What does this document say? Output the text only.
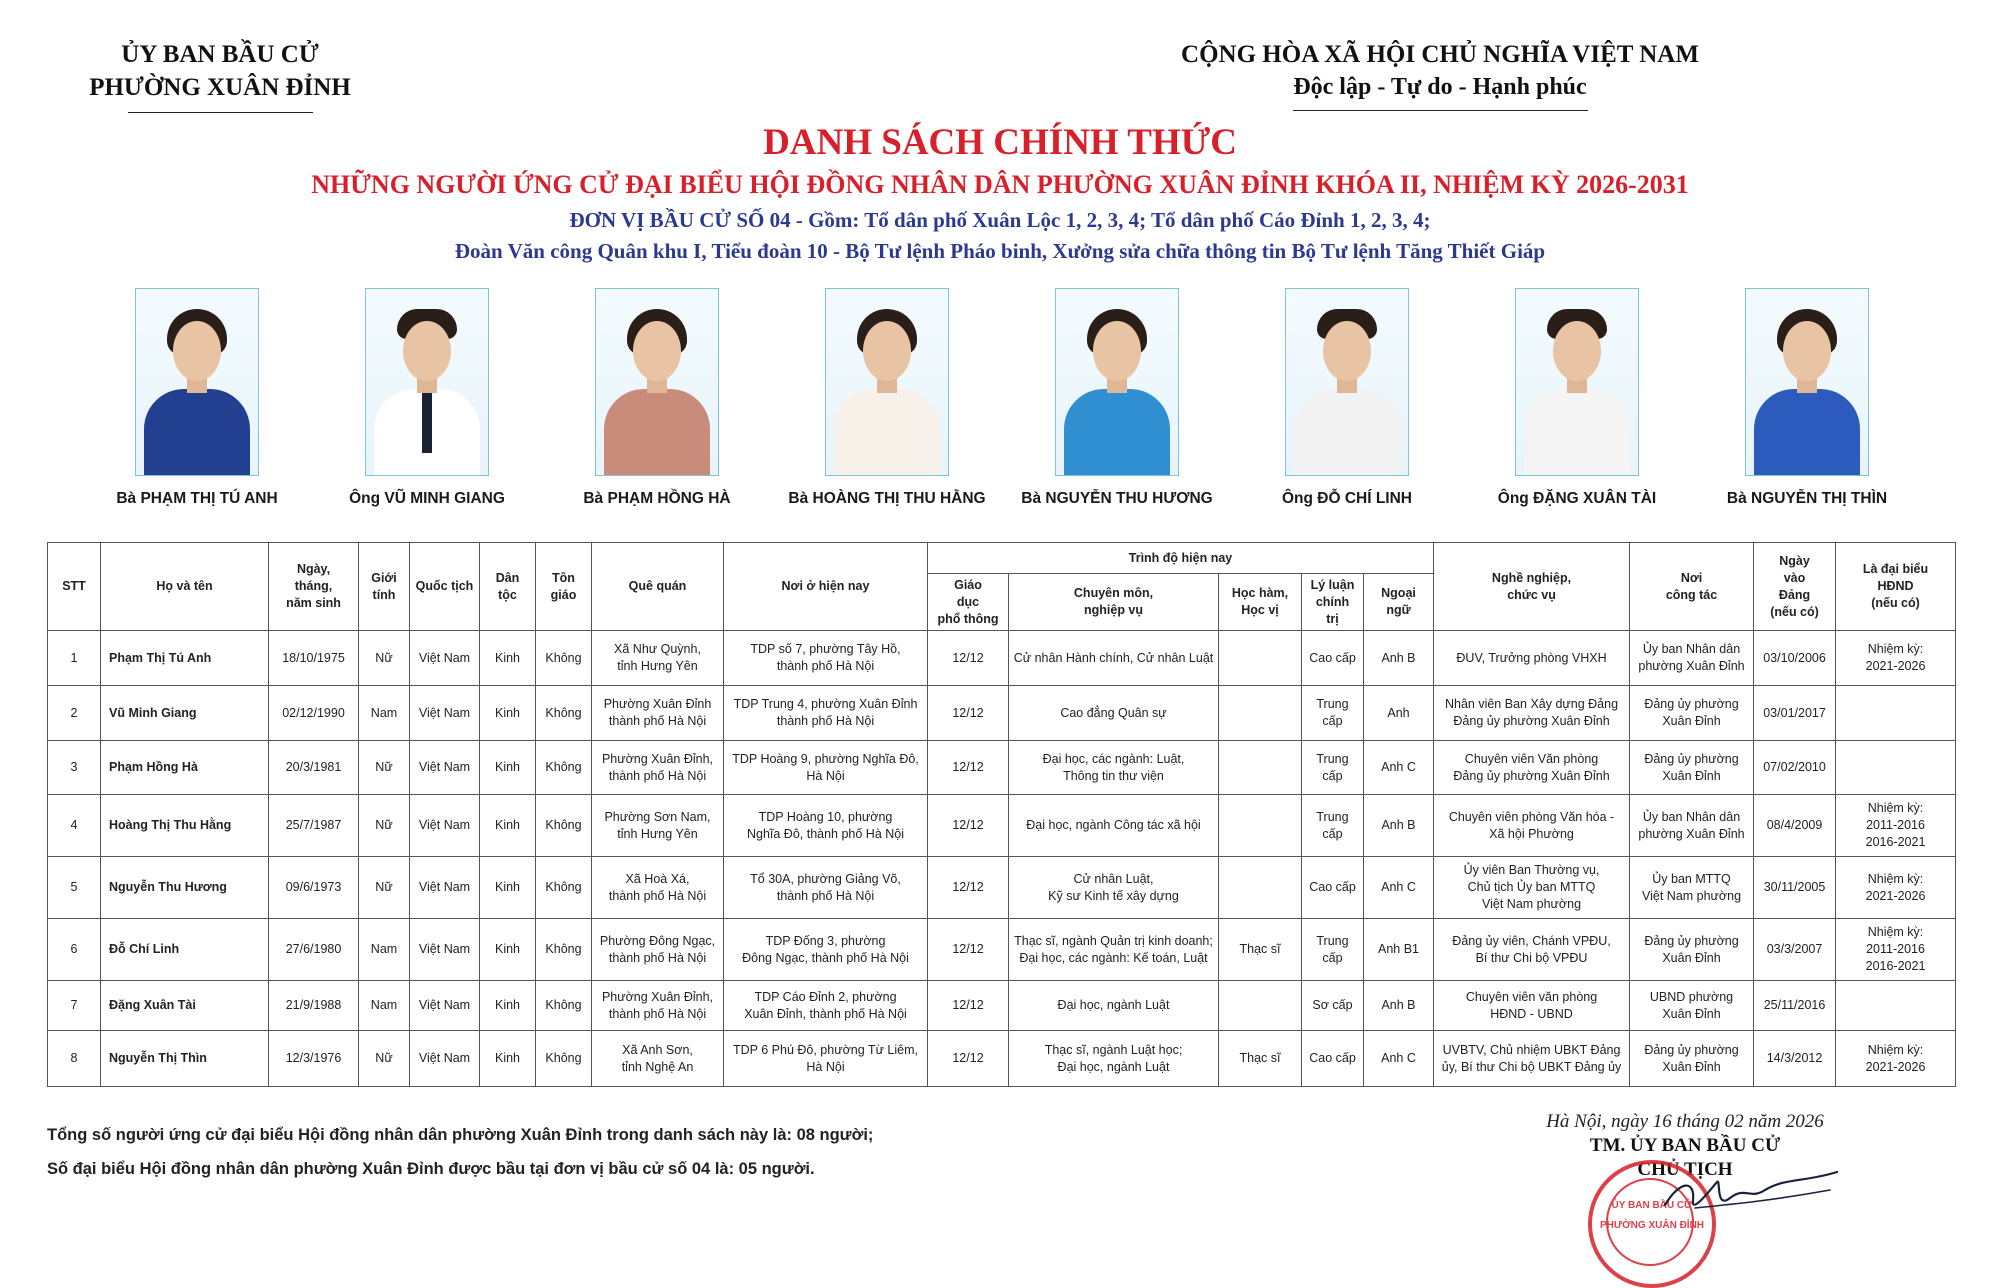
ỦY BAN BẦU CỬ
PHƯỜNG XUÂN ĐỈNH
CỘNG HÒA XÃ HỘI CHỦ NGHĨA VIỆT NAM
Độc lập - Tự do - Hạnh phúc
DANH SÁCH CHÍNH THỨC
NHỮNG NGƯỜI ỨNG CỬ ĐẠI BIỂU HỘI ĐỒNG NHÂN DÂN PHƯỜNG XUÂN ĐỈNH KHÓA II, NHIỆM KỲ 2026-2031
ĐƠN VỊ BẦU CỬ SỐ 04 - Gồm: Tổ dân phố Xuân Lộc 1, 2, 3, 4; Tổ dân phố Cáo Đỉnh 1, 2, 3, 4;
Đoàn Văn công Quân khu I, Tiểu đoàn 10 - Bộ Tư lệnh Pháo binh, Xưởng sửa chữa thông tin Bộ Tư lệnh Tăng Thiết Giáp
Bà PHẠM THỊ TÚ ANH	Ông VŨ MINH GIANG	Bà PHẠM HỒNG HÀ	Bà HOÀNG THỊ THU HẰNG	Bà NGUYỄN THU HƯƠNG	Ông ĐỖ CHÍ LINH	Ông ĐẶNG XUÂN TÀI	Bà NGUYỄN THỊ THÌN
STT	Họ và tên	Ngày,
tháng,
năm sinh	Giới
tính	Quốc tịch	Dân
tộc	Tôn
giáo	Quê quán	Nơi ở hiện nay	Trình độ hiện nay					Nghề nghiệp,
chức vụ	Nơi
công tác	Ngày
vào
Đảng
(nếu có)	Là đại biểu
HĐND
(nếu có)
									Giáo
dục
phổ thông	Chuyên môn,
nghiệp vụ	Học hàm,
Học vị	Lý luận
chính
trị	Ngoại
ngữ				
1	Phạm Thị Tú Anh	18/10/1975	Nữ	Việt Nam	Kinh	Không	Xã Như Quỳnh,
tỉnh Hưng Yên	TDP số 7, phường Tây Hồ,
thành phố Hà Nội	12/12	Cử nhân Hành chính, Cử nhân Luật		Cao cấp	Anh B	ĐUV, Trưởng phòng VHXH	Ủy ban Nhân dân
phường Xuân Đỉnh	03/10/2006	Nhiệm kỳ:
2021-2026
2	Vũ Minh Giang	02/12/1990	Nam	Việt Nam	Kinh	Không	Phường Xuân Đỉnh
thành phố Hà Nội	TDP Trung 4, phường Xuân Đỉnh
thành phố Hà Nội	12/12	Cao đẳng Quân sự		Trung
cấp	Anh	Nhân viên Ban Xây dựng Đảng
Đảng ủy phường Xuân Đỉnh	Đảng ủy phường
Xuân Đỉnh	03/01/2017	
3	Phạm Hồng Hà	20/3/1981	Nữ	Việt Nam	Kinh	Không	Phường Xuân Đỉnh,
thành phố Hà Nội	TDP Hoàng 9, phường Nghĩa Đô,
Hà Nội	12/12	Đại học, các ngành: Luật,
Thông tin thư viện		Trung
cấp	Anh C	Chuyên viên Văn phòng
Đảng ủy phường Xuân Đỉnh	Đảng ủy phường
Xuân Đỉnh	07/02/2010	
4	Hoàng Thị Thu Hằng	25/7/1987	Nữ	Việt Nam	Kinh	Không	Phường Sơn Nam,
tỉnh Hưng Yên	TDP Hoàng 10, phường
Nghĩa Đô, thành phố Hà Nội	12/12	Đại học, ngành Công tác xã hội		Trung
cấp	Anh B	Chuyên viên phòng Văn hóa -
Xã hội Phường	Ủy ban Nhân dân
phường Xuân Đỉnh	08/4/2009	Nhiệm kỳ:
2011-2016
2016-2021
5	Nguyễn Thu Hương	09/6/1973	Nữ	Việt Nam	Kinh	Không	Xã Hoà Xá,
thành phố Hà Nội	Tổ 30A, phường Giảng Võ,
thành phố Hà Nội	12/12	Cử nhân Luật,
Kỹ sư Kinh tế xây dựng		Cao cấp	Anh C	Ủy viên Ban Thường vụ,
Chủ tịch Ủy ban MTTQ
Việt Nam phường	Ủy ban MTTQ
Việt Nam phường	30/11/2005	Nhiệm kỳ:
2021-2026
6	Đỗ Chí Linh	27/6/1980	Nam	Việt Nam	Kinh	Không	Phường Đông Ngạc,
thành phố Hà Nội	TDP Đống 3, phường
Đông Ngạc, thành phố Hà Nội	12/12	Thạc sĩ, ngành Quản trị kinh doanh;
Đại học, các ngành: Kế toán, Luật	Thạc sĩ	Trung
cấp	Anh B1	Đảng ủy viên, Chánh VPĐU,
Bí thư Chi bộ VPĐU	Đảng ủy phường
Xuân Đỉnh	03/3/2007	Nhiệm kỳ:
2011-2016
2016-2021
7	Đặng Xuân Tài	21/9/1988	Nam	Việt Nam	Kinh	Không	Phường Xuân Đỉnh,
thành phố Hà Nội	TDP Cáo Đỉnh 2, phường
Xuân Đỉnh, thành phố Hà Nội	12/12	Đại học, ngành Luật		Sơ cấp	Anh B	Chuyên viên văn phòng
HĐND - UBND	UBND phường
Xuân Đỉnh	25/11/2016	
8	Nguyễn Thị Thìn	12/3/1976	Nữ	Việt Nam	Kinh	Không	Xã Anh Sơn,
tỉnh Nghệ An	TDP 6 Phú Đô, phường Từ Liêm,
Hà Nội	12/12	Thạc sĩ, ngành Luật học;
Đại học, ngành Luật	Thạc sĩ	Cao cấp	Anh C	UVBTV, Chủ nhiệm UBKT Đảng
ủy, Bí thư Chi bộ UBKT Đảng ủy	Đảng ủy phường
Xuân Đỉnh	14/3/2012	Nhiệm kỳ:
2021-2026
Tổng số người ứng cử đại biểu Hội đồng nhân dân phường Xuân Đỉnh trong danh sách này là: 08 người;
Số đại biểu Hội đồng nhân dân phường Xuân Đỉnh được bầu tại đơn vị bầu cử số 04 là: 05 người.
Hà Nội, ngày 16 tháng 02 năm 2026
TM. ỦY BAN BẦU CỬ
CHỦ TỊCH
ỦY BAN BẦU CỬ
PHƯỜNG XUÂN ĐỈNH
